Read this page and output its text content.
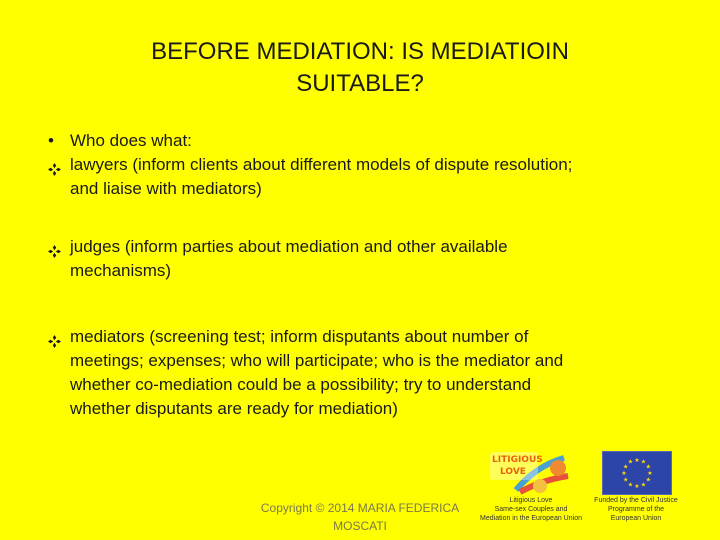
BEFORE MEDIATION: IS MEDIATIOIN
SUITABLE?
• Who does what:
lawyers (inform clients about different models of dispute resolution;
and liaise with mediators)
judges (inform parties about mediation and other available
mechanisms)
mediators (screening test; inform disputants about number of
meetings; expenses; who will participate; who is the mediator and
whether co-mediation could be a possibility; try to understand
whether disputants are ready for mediation)
Copyright © 2014 MARIA FEDERICA
MOSCATI
LITIGIOUS
LOVE
Litigious Love
Same-sex Couples and
Mediation in the European Union
★ ★
★
★
★
★
★
★
★
★
★
★
Funded by the Civil Justice
Programme of the
European Union
